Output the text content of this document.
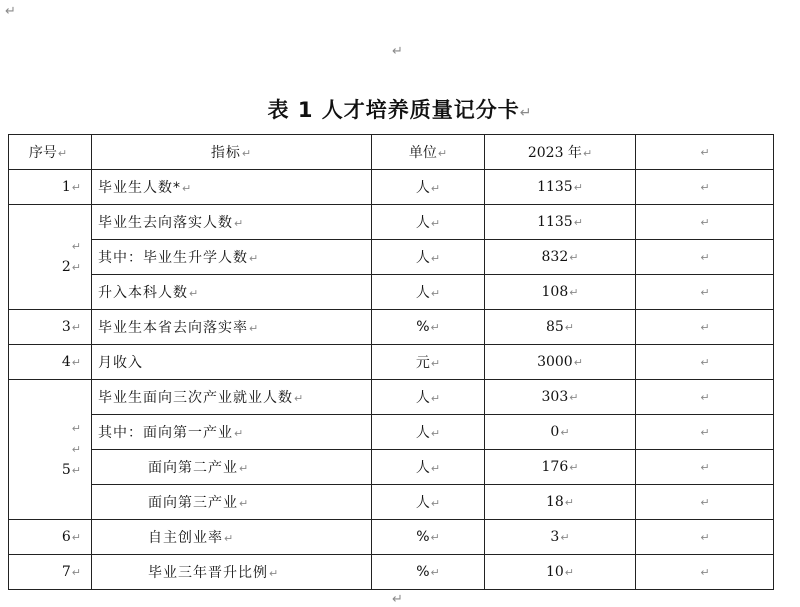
↵
↵
表 1 人才培养质量记分卡↵
序号↵	指标↵	单位↵	2023 年↵	↵
1↵	毕业生人数*↵	人↵	1135↵	↵
↵
2↵	毕业生去向落实人数↵	人↵	1135↵	↵
	其中：毕业生升学人数↵	人↵	832↵	↵
	升入本科人数↵	人↵	108↵	↵
3↵	毕业生本省去向落实率↵	%↵	85↵	↵
4↵	月收入	元↵	3000↵	↵
↵
↵
5↵	毕业生面向三次产业就业人数↵	人↵	303↵	↵
	其中：面向第一产业↵	人↵	0↵	↵
	面向第二产业↵	人↵	176↵	↵
	面向第三产业↵	人↵	18↵	↵
6↵	自主创业率↵	%↵	3↵	↵
7↵	毕业三年晋升比例↵	%↵	10↵	↵
↵
